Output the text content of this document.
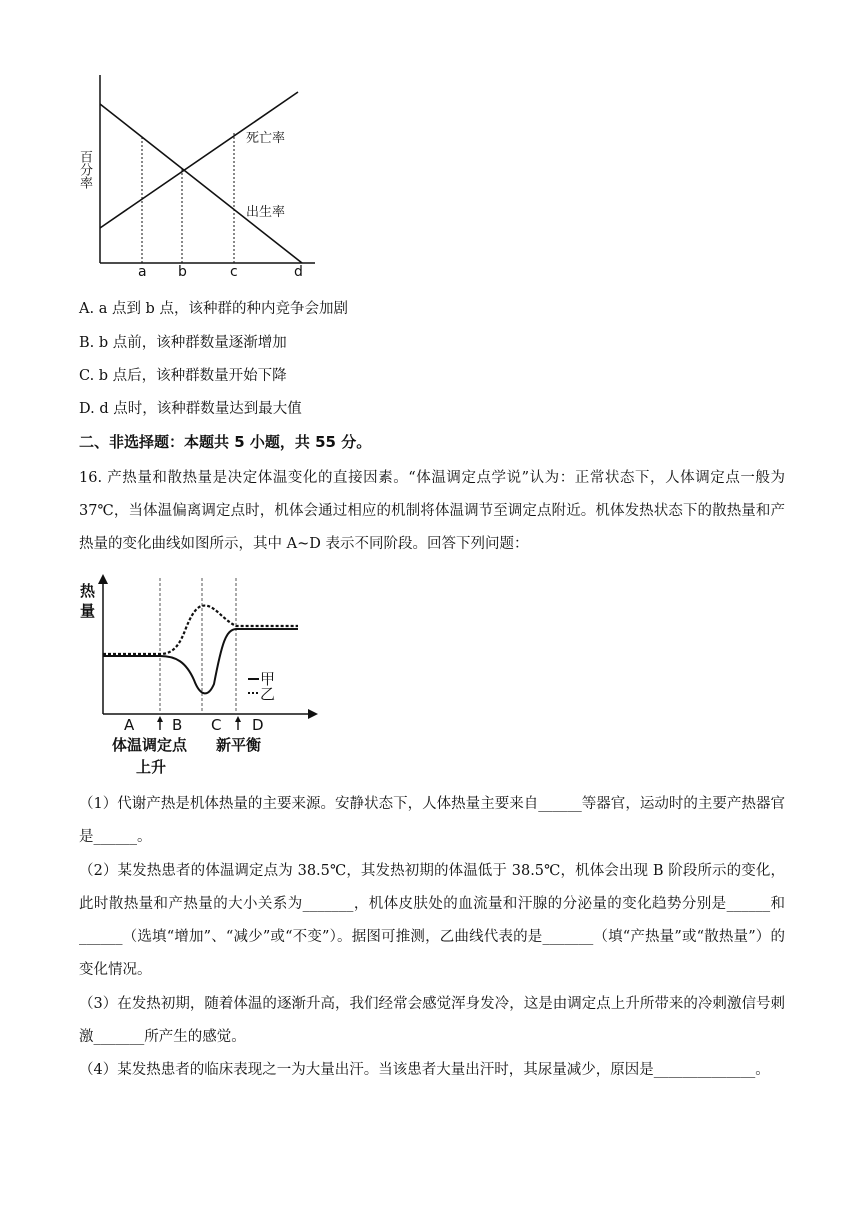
死亡率
出生率
a b	c	d
百分率
A. a 点到 b 点，该种群的种内竞争会加剧
B. b 点前，该种群数量逐渐增加
C. b 点后，该种群数量开始下降
D. d 点时，该种群数量达到最大值
二、非选择题：本题共 5 小题，共 55 分。
16. 产热量和散热量是决定体温变化的直接因素。“体温调定点学说”认为：正常状态下，人体调定点一般为 37℃，当体温偏离调定点时，机体会通过相应的机制将体温调节至调定点附近。机体发热状态下的散热量和产热量的变化曲线如图所示，其中 A~D 表示不同阶段。回答下列问题：
甲
乙
A	B C D
体温调定点 新平衡
上升
热
量
（1）代谢产热是机体热量的主要来源。安静状态下，人体热量主要来自______等器官，运动时的主要产热器官是______。
（2）某发热患者的体温调定点为 38.5℃，其发热初期的体温低于 38.5℃，机体会出现 B 阶段所示的变化，此时散热量和产热量的大小关系为_______，机体皮肤处的血流量和汗腺的分泌量的变化趋势分别是______和______（选填“增加”、“减少”或“不变”）。据图可推测，乙曲线代表的是_______（填“产热量”或“散热量”）的变化情况。
（3）在发热初期，随着体温的逐渐升高，我们经常会感觉浑身发冷，这是由调定点上升所带来的冷刺激信号刺激_______所产生的感觉。
（4）某发热患者的临床表现之一为大量出汗。当该患者大量出汗时，其尿量减少，原因是______________。
